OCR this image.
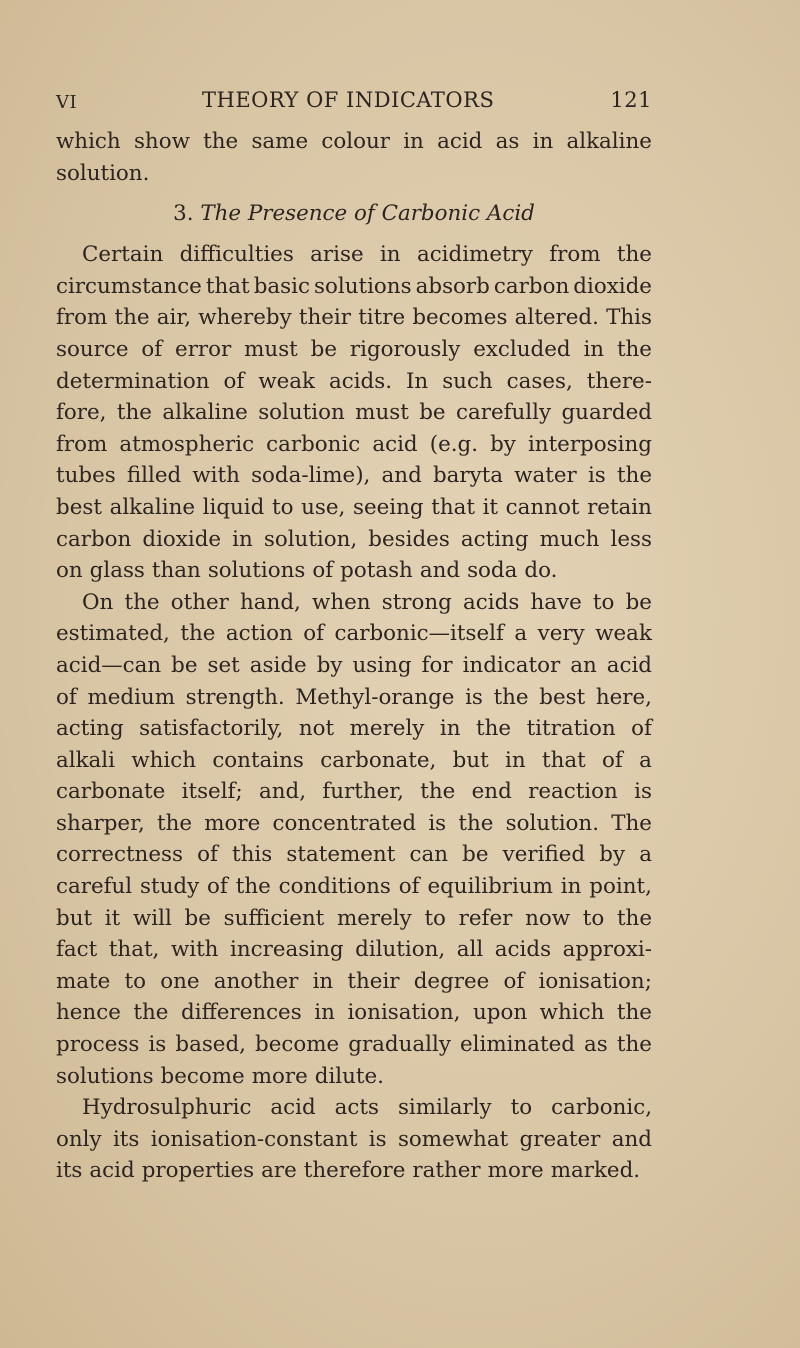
VI	THEORY OF INDICATORS	121
which show the same colour in acid as in alkaline
solution.
3. The Presence of Carbonic Acid
Certain difficulties arise in acidimetry from the
circumstance that basic solutions absorb carbon dioxide
from the air, whereby their titre becomes altered. This
source of error must be rigorously excluded in the
determination of weak acids. In such cases, there-
fore, the alkaline solution must be carefully guarded
from atmospheric carbonic acid (e.g. by interposing
tubes filled with soda-lime), and baryta water is the
best alkaline liquid to use, seeing that it cannot retain
carbon dioxide in solution, besides acting much less
on glass than solutions of potash and soda do.
On the other hand, when strong acids have to be
estimated, the action of carbonic—itself a very weak
acid—can be set aside by using for indicator an acid
of medium strength. Methyl-orange is the best here,
acting satisfactorily, not merely in the titration of
alkali which contains carbonate, but in that of a
carbonate itself; and, further, the end reaction is
sharper, the more concentrated is the solution. The
correctness of this statement can be verified by a
careful study of the conditions of equilibrium in point,
but it will be sufficient merely to refer now to the
fact that, with increasing dilution, all acids approxi-
mate to one another in their degree of ionisation;
hence the differences in ionisation, upon which the
process is based, become gradually eliminated as the
solutions become more dilute.
Hydrosulphuric acid acts similarly to carbonic,
only its ionisation-constant is somewhat greater and
its acid properties are therefore rather more marked.
